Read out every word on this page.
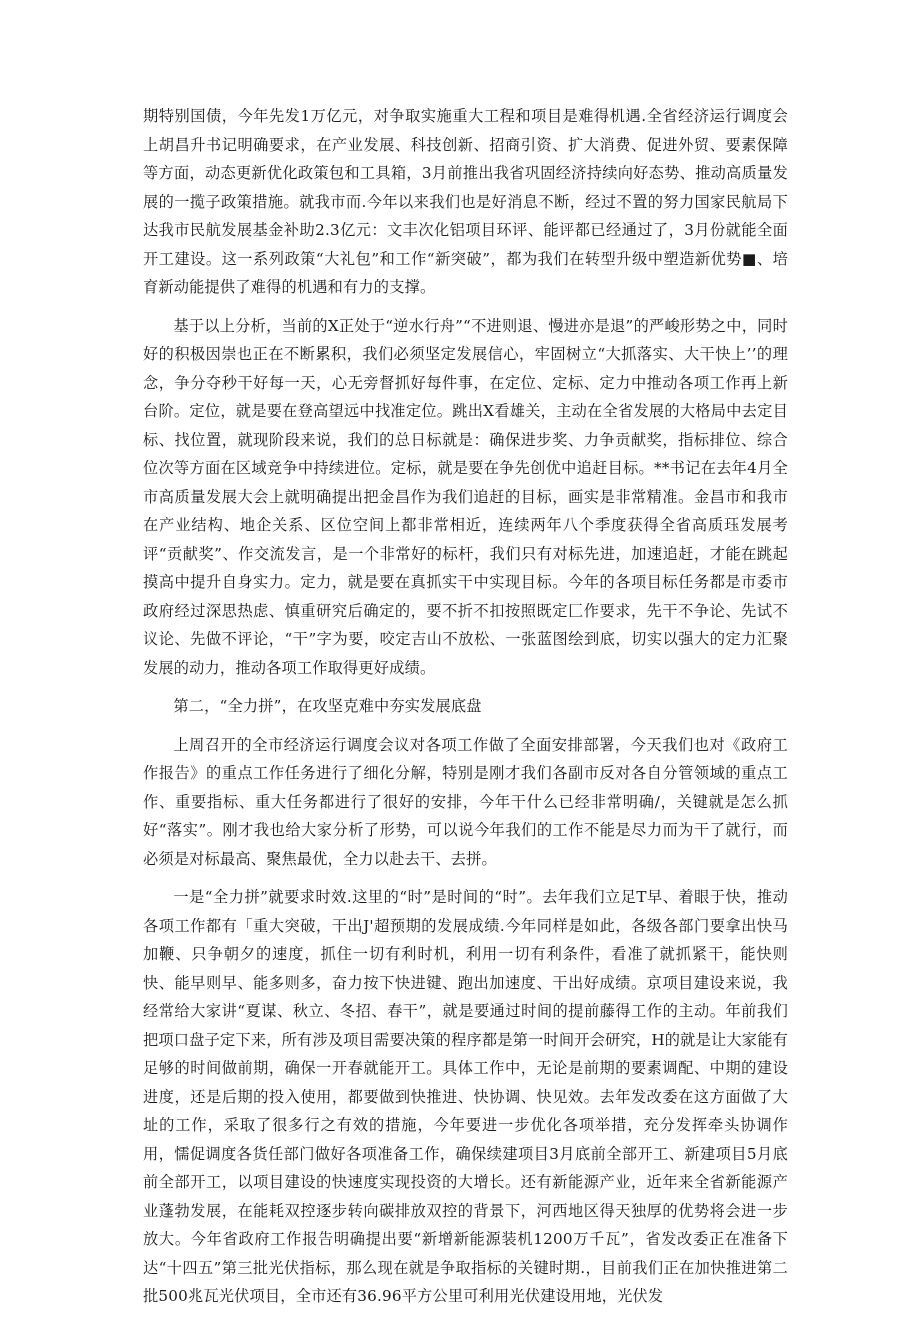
期特别国债，今年先发1万亿元，对争取实施重大工程和项目是难得机遇.全省经济运行调度会上胡昌升书记明确要求，在产业发展、科技创新、招商引资、扩大消费、促进外贸、要素保障等方面，动态更新优化政策包和工具箱，3月前推出我省巩固经济持续向好态势、推动高质量发展的一揽子政策措施。就我市而.今年以来我们也是好消息不断，经过不置的努力国家民航局下达我市民航发展基金补助2.3亿元：文丰次化铝项目环评、能评都已经通过了，3月份就能全面开工建设。这一系列政策“大礼包”和工作“新突破”，都为我们在转型升级中塑造新优势■、培育新动能提供了难得的机遇和有力的支撑。

基于以上分析，当前的X正处于“逆水行舟”“不进则退、慢进亦是退”的严峻形势之中，同时好的积极因崇也正在不断累积，我们必须坚定发展信心，牢固树立“大抓落实、大干快上’’的理念，争分夺秒干好每一天，心无旁督抓好每件事，在定位、定标、定力中推动各项工作再上新台阶。定位，就是要在登高望远中找准定位。跳出X看雄关，主动在全省发展的大格局中去定目标、找位置，就现阶段来说，我们的总日标就是：确保进步奖、力争贡献奖，指标排位、综合位次等方面在区域竞争中持续进位。定标，就是要在争先创优中追赶目标。**书记在去年4月全市高质量发展大会上就明确提出把金昌作为我们追赶的目标，画实是非常精准。金昌市和我市在产业结构、地企关系、区位空间上都非常相近，连续两年八个季度获得全省高质珏发展考评“贡献奖”、作交流发言，是一个非常好的标杆，我们只有对标先进，加速追赶，才能在跳起摸高中提升自身实力。定力，就是要在真抓实干中实现目标。今年的各项目标任务都是市委市政府经过深思热虑、慎重研究后确定的，要不折不扣按照既定匚作要求，先干不争论、先试不议论、先做不评论，“干”字为要，咬定吉山不放松、一张蓝图绘到底，切实以强大的定力汇聚发展的动力，推动各项工作取得更好成绩。

第二，“全力拼”，在攻坚克难中夯实发展底盘

上周召开的全市经济运行调度会议对各项工作做了全面安排部署，今天我们也对《政府工作报告》的重点工作任务进行了细化分解，特别是刚才我们各副市反对各自分管领域的重点工作、重要指标、重大任务都进行了很好的安排，今年干什么已经非常明确/，关键就是怎么抓好“落实”。刚才我也给大家分析了形势，可以说今年我们的工作不能是尽力而为干了就行，而必须是对标最高、聚焦最优，全力以赴去干、去拼。

一是“全力拼”就要求时效.这里的“时”是时间的“时”。去年我们立足T早、着眼于快，推动各项工作都有「重大突破，干出J'超预期的发展成绩.今年同样是如此，各级各部门要拿出快马加鞭、只争朝夕的速度，抓住一切有利时机，利用一切有利条件，看准了就抓紧干，能快则快、能早则早、能多则多，奋力按下快进键、跑出加速度、干出好成绩。京项目建设来说，我经常给大家讲“夏谋、秋立、冬招、春干”，就是要通过时间的提前藤得工作的主动。年前我们把项口盘子定下来，所有涉及项目需要决策的程序都是第一时间开会研究，H的就是让大家能有足够的时间做前期，确保一开春就能开工。具体工作中，无论是前期的要素调配、中期的建设进度，还是后期的投入使用，都要做到快推进、快协调、快见效。去年发改委在这方面做了大址的工作，采取了很多行之有效的措施，今年要进一步优化各项举措，充分发挥牵头协调作用，懦促调度各货任部门做好各项准备工作，确保续建项目3月底前全部开工、新建项目5月底前全部开工，以项目建设的快速度实现投资的大增长。还有新能源产业，近年来全省新能源产业蓬勃发展，在能耗双控逐步转向碳排放双控的背景下，河西地区得天独厚的优势将会进一步放大。今年省政府工作报告明确提出要“新增新能源装机1200万千瓦”，省发改委正在准备下达“十四五”第三批光伏指标，那么现在就是争取指标的关键时期.，目前我们正在加快推进第二批500兆瓦光伏项目，全市还有36.96平方公里可利用光伏建设用地，光伏发
